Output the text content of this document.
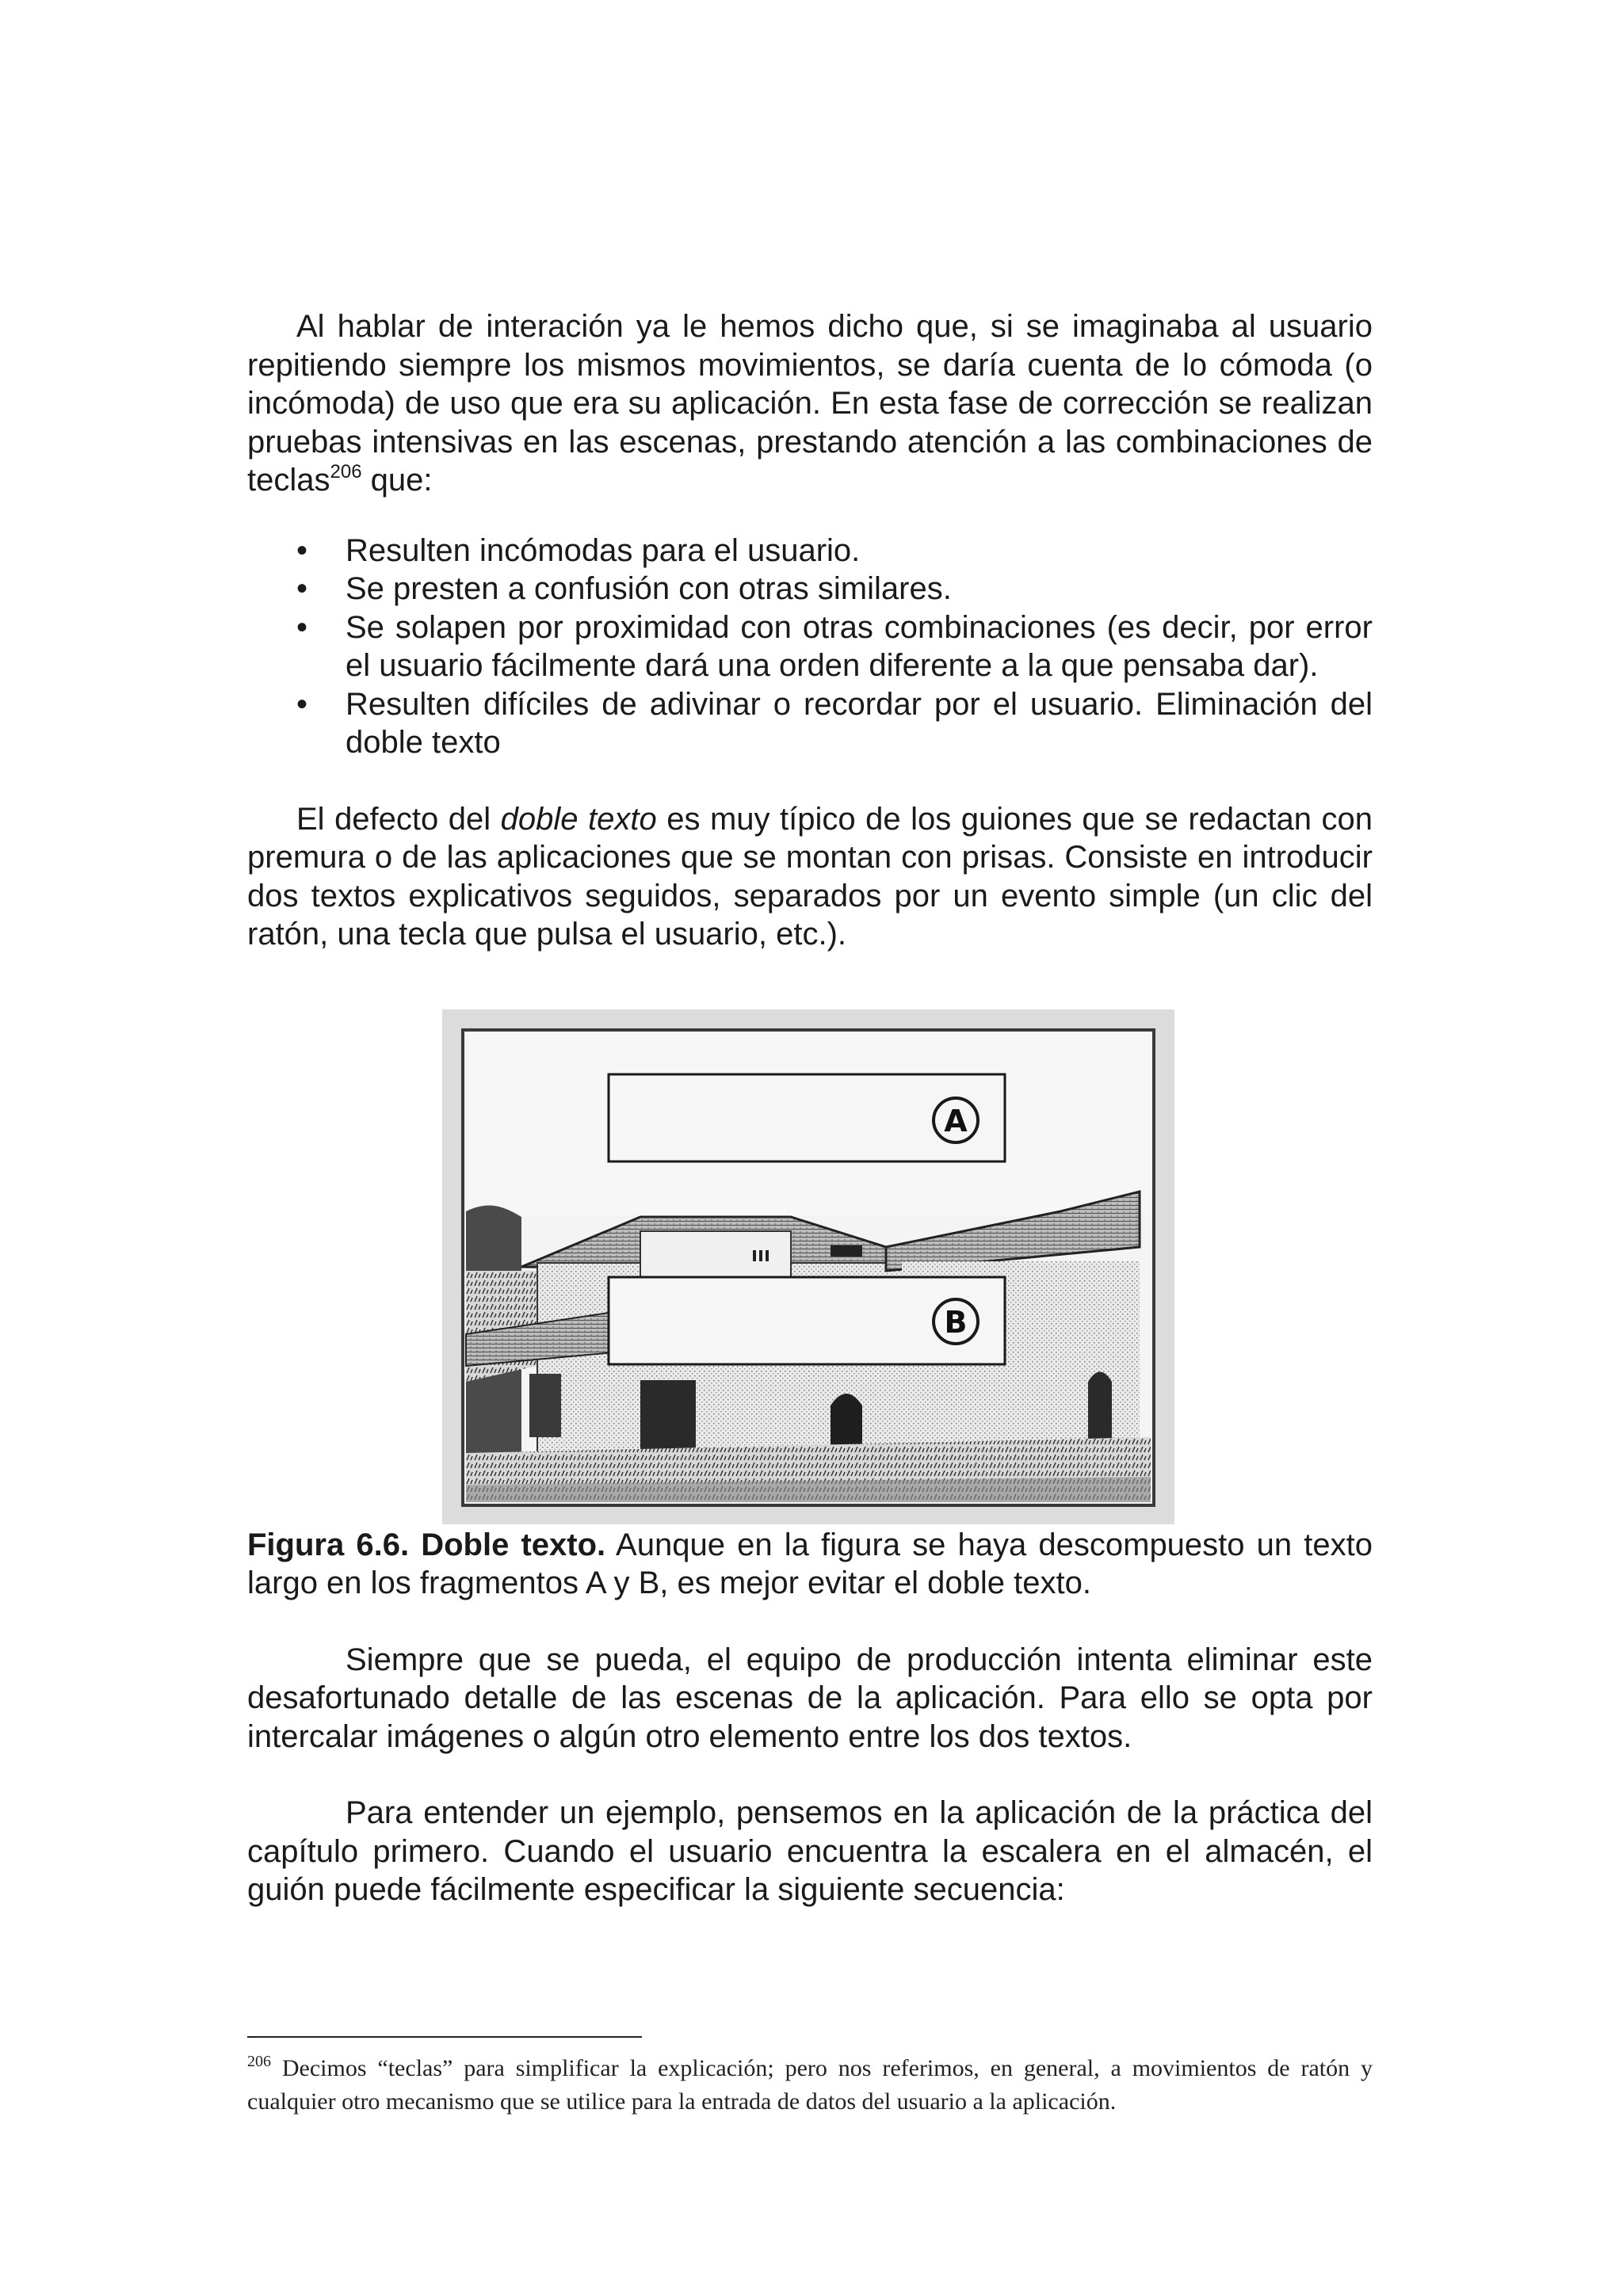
Al hablar de interación ya le hemos dicho que, si se imaginaba al usuario repitiendo siempre los mismos movimientos, se daría cuenta de lo cómoda (o incómoda) de uso que era su aplicación. En esta fase de corrección se realizan pruebas intensivas en las escenas, prestando atención a las combinaciones de teclas$^{206}$ que:

• Resulten incómodas para el usuario.
• Se presten a confusión con otras similares.
• Se solapen por proximidad con otras combinaciones (es decir, por error el usuario fácilmente dará una orden diferente a la que pensaba dar).
• Resulten difíciles de adivinar o recordar por el usuario. Eliminación del doble texto

El defecto del doble texto es muy típico de los guiones que se redactan con premura o de las aplicaciones que se montan con prisas. Consiste en introducir dos textos explicativos seguidos, separados por un evento simple (un clic del ratón, una tecla que pulsa el usuario, etc.).

A
B

Figura 6.6. Doble texto. Aunque en la figura se haya descompuesto un texto largo en los fragmentos A y B, es mejor evitar el doble texto.

Siempre que se pueda, el equipo de producción intenta eliminar este desafortunado detalle de las escenas de la aplicación. Para ello se opta por intercalar imágenes o algún otro elemento entre los dos textos.

Para entender un ejemplo, pensemos en la aplicación de la práctica del capítulo primero. Cuando el usuario encuentra la escalera en el almacén, el guión puede fácilmente especificar la siguiente secuencia:

$^{206}$ Decimos “teclas” para simplificar la explicación; pero nos referimos, en general, a movimientos de ratón y cualquier otro mecanismo que se utilice para la entrada de datos del usuario a la aplicación.
